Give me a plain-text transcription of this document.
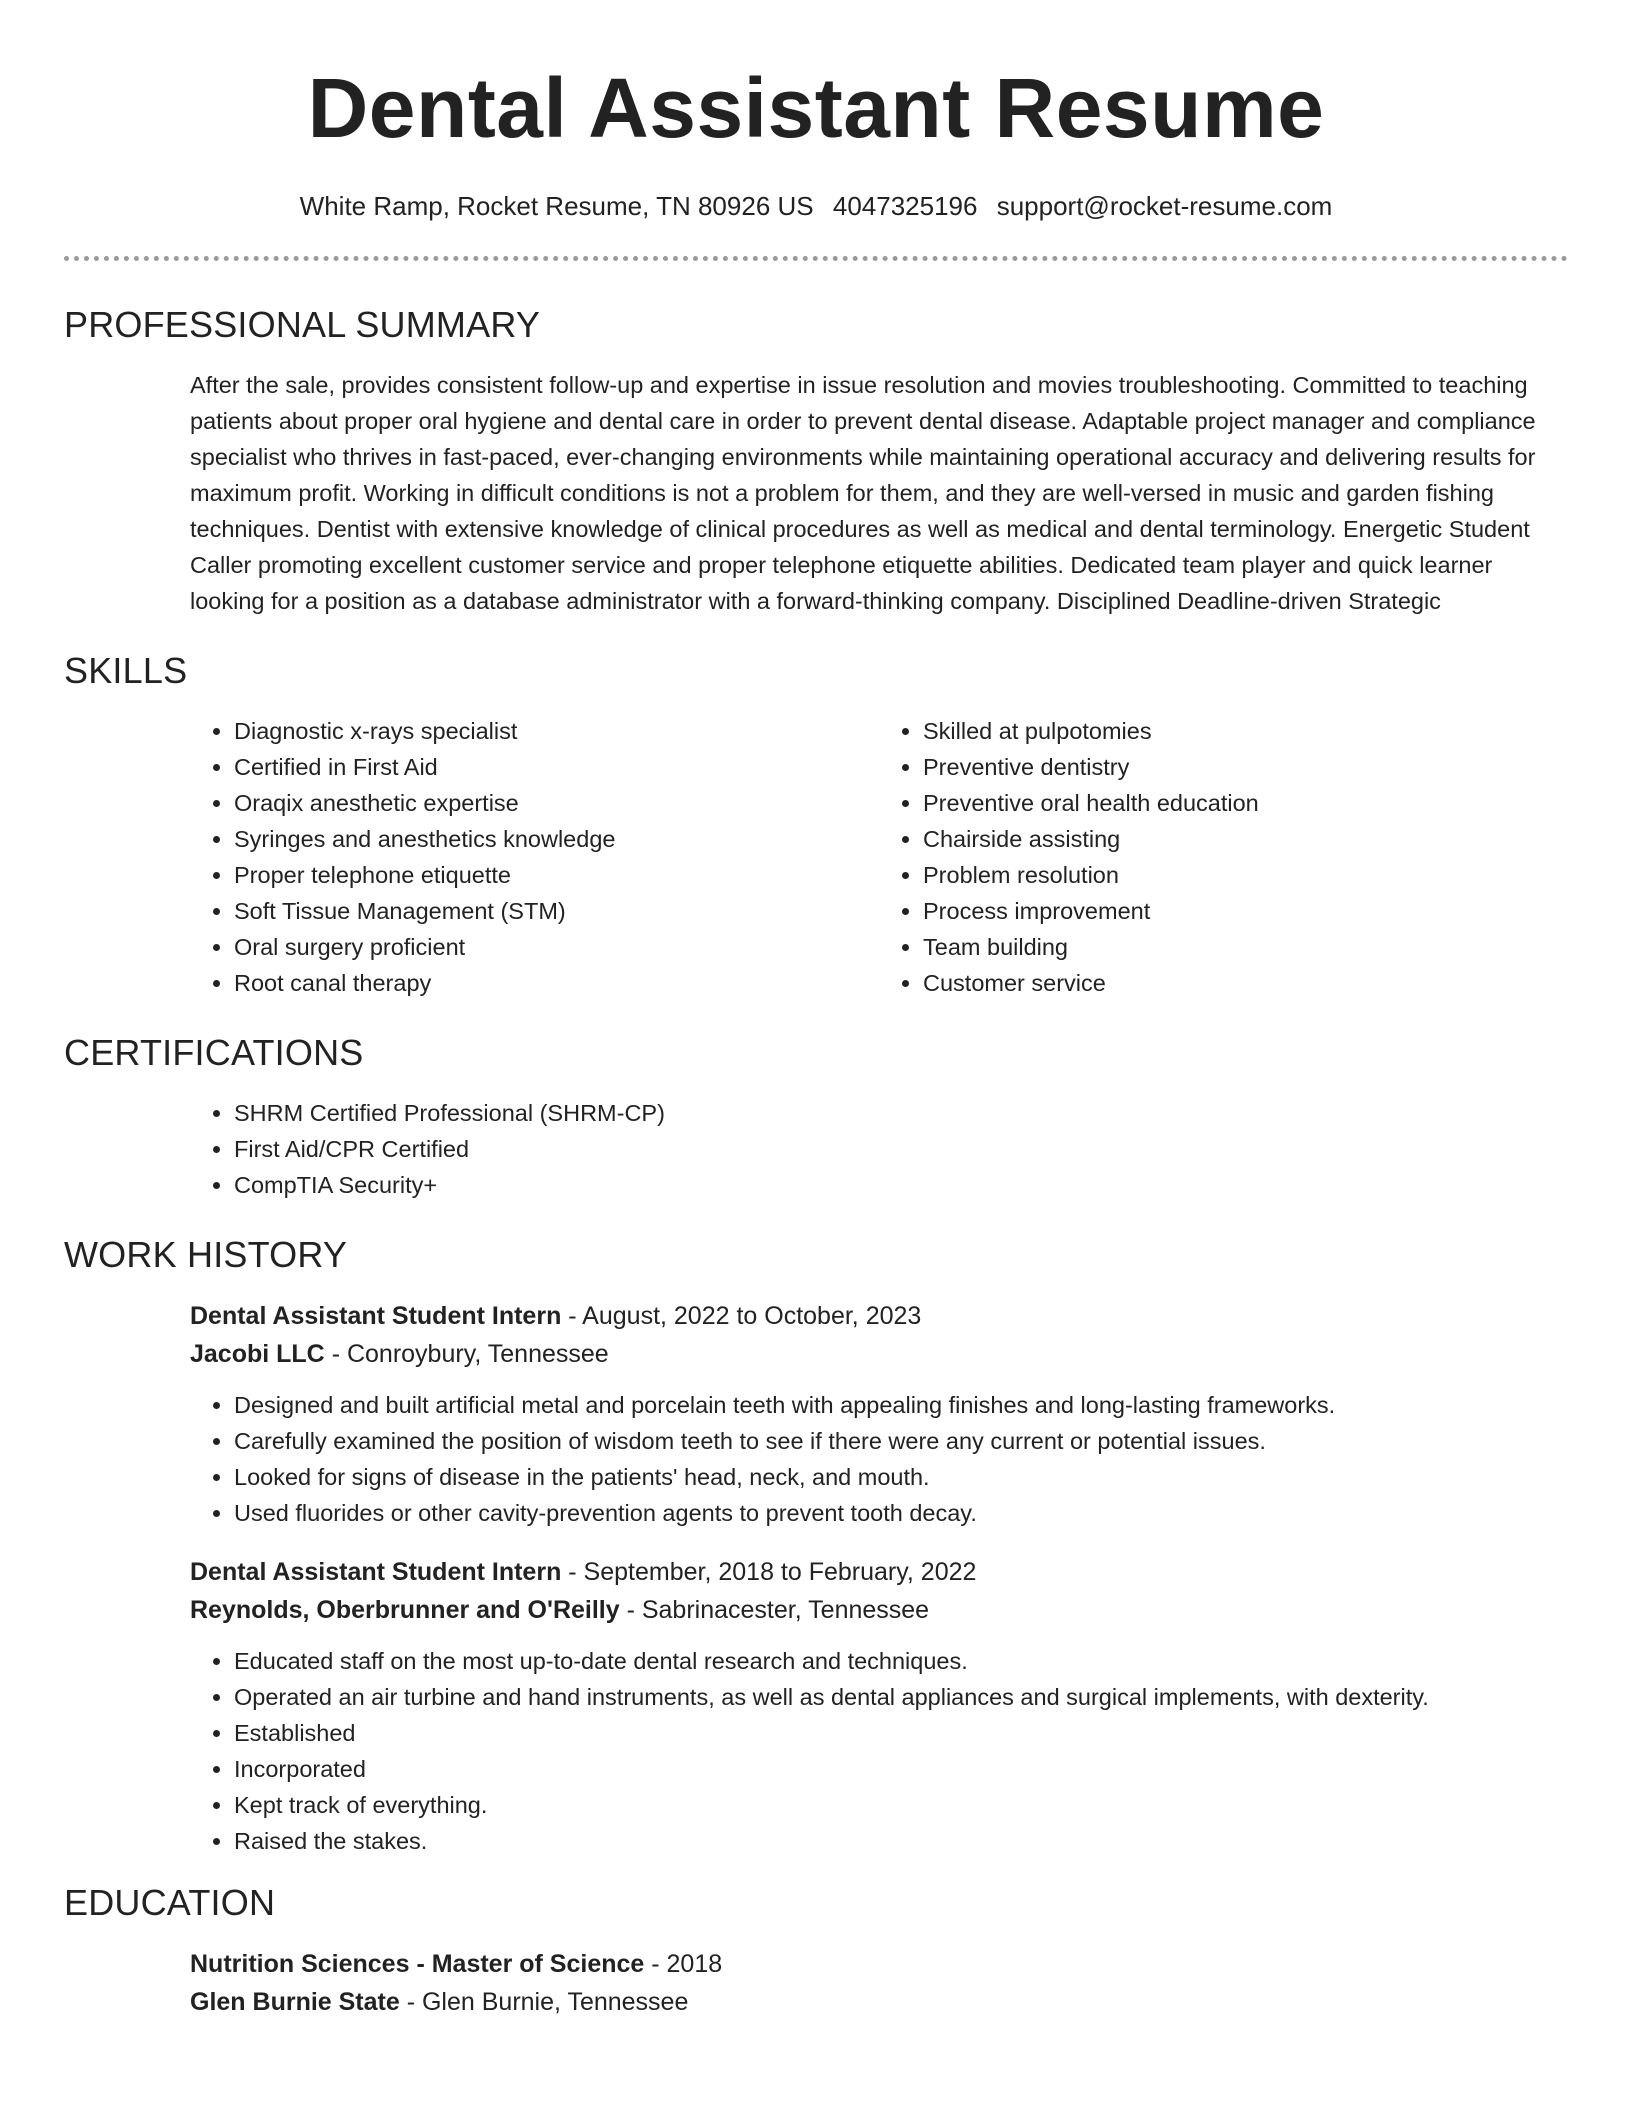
Dental Assistant Resume
White Ramp, Rocket Resume, TN 80926 US 4047325196 support@rocket-resume.com
PROFESSIONAL SUMMARY

After the sale, provides consistent follow-up and expertise in issue resolution and movies troubleshooting. Committed to teaching patients about proper oral hygiene and dental care in order to prevent dental disease. Adaptable project manager and compliance specialist who thrives in fast-paced, ever-changing environments while maintaining operational accuracy and delivering results for maximum profit. Working in difficult conditions is not a problem for them, and they are well-versed in music and garden fishing techniques. Dentist with extensive knowledge of clinical procedures as well as medical and dental terminology. Energetic Student Caller promoting excellent customer service and proper telephone etiquette abilities. Dedicated team player and quick learner looking for a position as a database administrator with a forward-thinking company. Disciplined Deadline-driven Strategic

SKILLS
• Diagnostic x-rays specialist
• Certified in First Aid
• Oraqix anesthetic expertise
• Syringes and anesthetics knowledge
• Proper telephone etiquette
• Soft Tissue Management (STM)
• Oral surgery proficient
• Root canal therapy
• Skilled at pulpotomies
• Preventive dentistry
• Preventive oral health education
• Chairside assisting
• Problem resolution
• Process improvement
• Team building
• Customer service
CERTIFICATIONS
• SHRM Certified Professional (SHRM-CP)
• First Aid/CPR Certified
• CompTIA Security+
WORK HISTORY
Dental Assistant Student Intern - August, 2022 to October, 2023
Jacobi LLC - Conroybury, Tennessee
• Designed and built artificial metal and porcelain teeth with appealing finishes and long-lasting frameworks.
• Carefully examined the position of wisdom teeth to see if there were any current or potential issues.
• Looked for signs of disease in the patients' head, neck, and mouth.
• Used fluorides or other cavity-prevention agents to prevent tooth decay.
Dental Assistant Student Intern - September, 2018 to February, 2022
Reynolds, Oberbrunner and O'Reilly - Sabrinacester, Tennessee
• Educated staff on the most up-to-date dental research and techniques.
• Operated an air turbine and hand instruments, as well as dental appliances and surgical implements, with dexterity.
• Established
• Incorporated
• Kept track of everything.
• Raised the stakes.
EDUCATION
Nutrition Sciences - Master of Science - 2018
Glen Burnie State - Glen Burnie, Tennessee
